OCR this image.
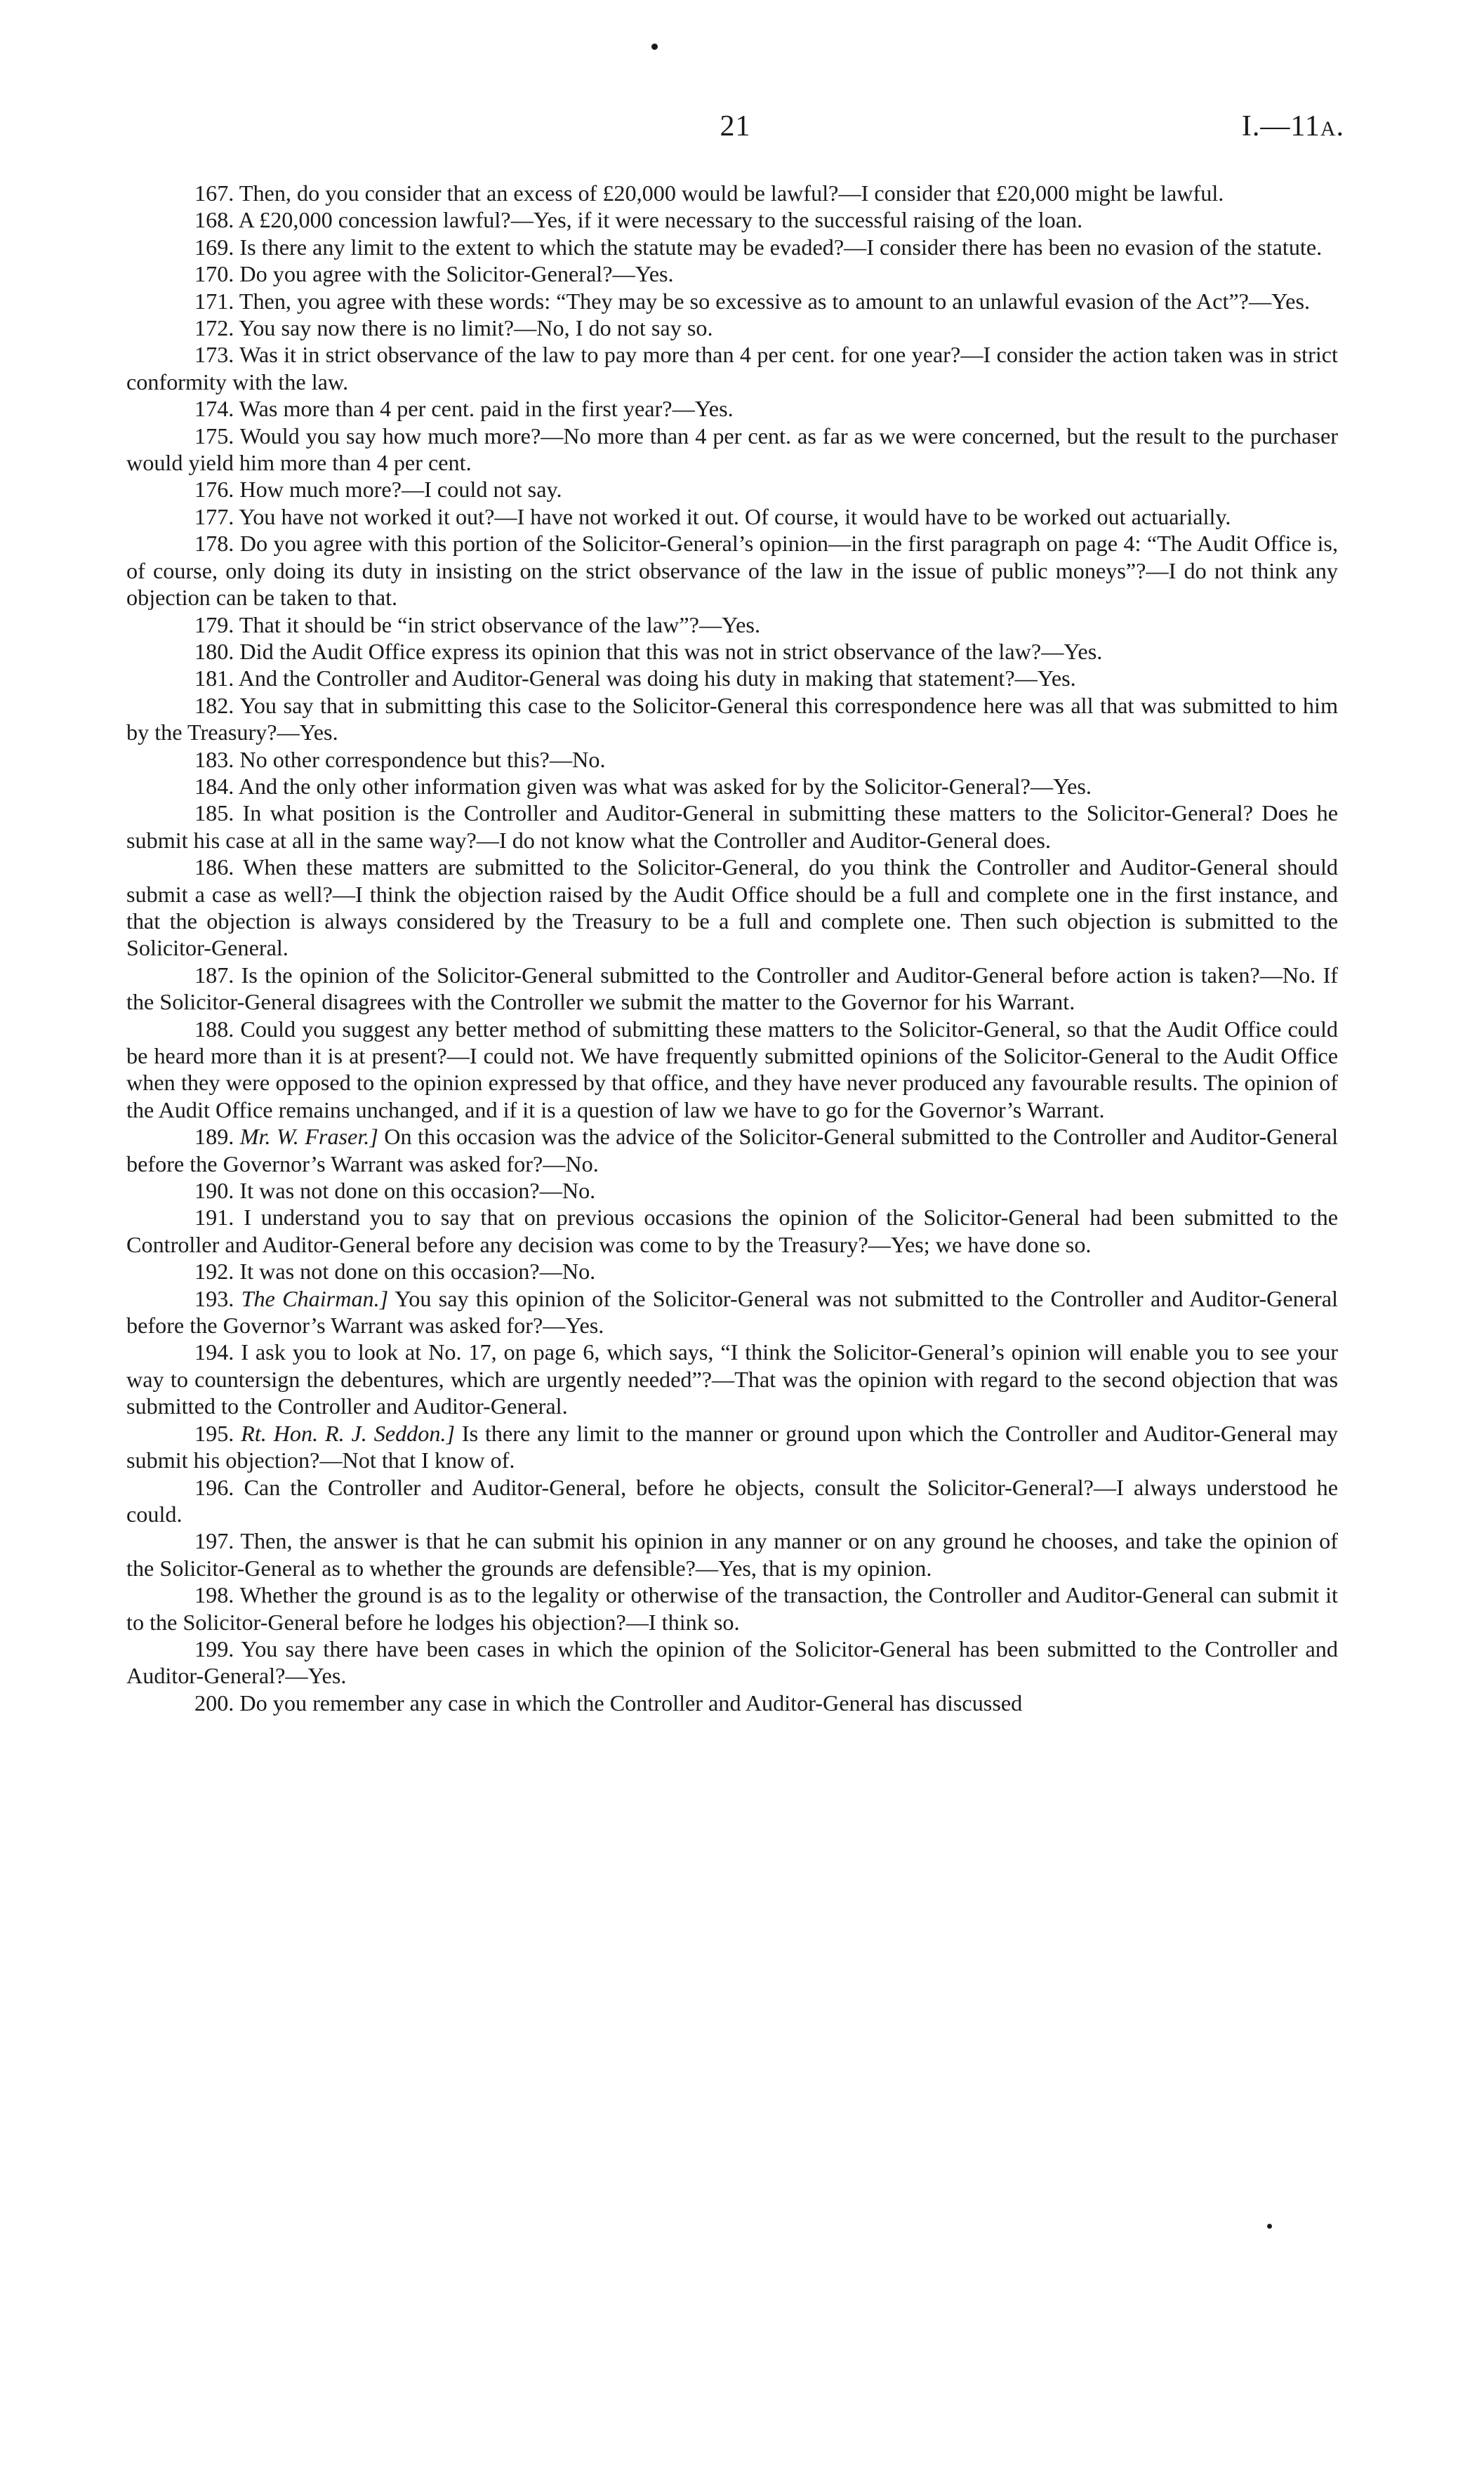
21	I.—11A.

167. Then, do you consider that an excess of £20,000 would be lawful?—I consider that £20,000 might be lawful.

168. A £20,000 concession lawful?—Yes, if it were necessary to the successful raising of the loan.

169. Is there any limit to the extent to which the statute may be evaded?—I consider there has been no evasion of the statute.

170. Do you agree with the Solicitor-General?—Yes.

171. Then, you agree with these words: “They may be so excessive as to amount to an unlawful evasion of the Act”?—Yes.

172. You say now there is no limit?—No, I do not say so.

173. Was it in strict observance of the law to pay more than 4 per cent. for one year?—I consider the action taken was in strict conformity with the law.

174. Was more than 4 per cent. paid in the first year?—Yes.

175. Would you say how much more?—No more than 4 per cent. as far as we were concerned, but the result to the purchaser would yield him more than 4 per cent.

176. How much more?—I could not say.

177. You have not worked it out?—I have not worked it out. Of course, it would have to be worked out actuarially.

178. Do you agree with this portion of the Solicitor-General’s opinion—in the first paragraph on page 4: “The Audit Office is, of course, only doing its duty in insisting on the strict observance of the law in the issue of public moneys”?—I do not think any objection can be taken to that.

179. That it should be “in strict observance of the law”?—Yes.

180. Did the Audit Office express its opinion that this was not in strict observance of the law?—Yes.

181. And the Controller and Auditor-General was doing his duty in making that statement?—Yes.

182. You say that in submitting this case to the Solicitor-General this correspondence here was all that was submitted to him by the Treasury?—Yes.

183. No other correspondence but this?—No.

184. And the only other information given was what was asked for by the Solicitor-General?—Yes.

185. In what position is the Controller and Auditor-General in submitting these matters to the Solicitor-General? Does he submit his case at all in the same way?—I do not know what the Controller and Auditor-General does.

186. When these matters are submitted to the Solicitor-General, do you think the Controller and Auditor-General should submit a case as well?—I think the objection raised by the Audit Office should be a full and complete one in the first instance, and that the objection is always considered by the Treasury to be a full and complete one. Then such objection is submitted to the Solicitor-General.

187. Is the opinion of the Solicitor-General submitted to the Controller and Auditor-General before action is taken?—No. If the Solicitor-General disagrees with the Controller we submit the matter to the Governor for his Warrant.

188. Could you suggest any better method of submitting these matters to the Solicitor-General, so that the Audit Office could be heard more than it is at present?—I could not. We have frequently submitted opinions of the Solicitor-General to the Audit Office when they were opposed to the opinion expressed by that office, and they have never produced any favourable results. The opinion of the Audit Office remains unchanged, and if it is a question of law we have to go for the Governor’s Warrant.

189. Mr. W. Fraser.] On this occasion was the advice of the Solicitor-General submitted to the Controller and Auditor-General before the Governor’s Warrant was asked for?—No.

190. It was not done on this occasion?—No.

191. I understand you to say that on previous occasions the opinion of the Solicitor-General had been submitted to the Controller and Auditor-General before any decision was come to by the Treasury?—Yes; we have done so.

192. It was not done on this occasion?—No.

193. The Chairman.] You say this opinion of the Solicitor-General was not submitted to the Controller and Auditor-General before the Governor’s Warrant was asked for?—Yes.

194. I ask you to look at No. 17, on page 6, which says, “I think the Solicitor-General’s opinion will enable you to see your way to countersign the debentures, which are urgently needed”?—That was the opinion with regard to the second objection that was submitted to the Controller and Auditor-General.

195. Rt. Hon. R. J. Seddon.] Is there any limit to the manner or ground upon which the Controller and Auditor-General may submit his objection?—Not that I know of.

196. Can the Controller and Auditor-General, before he objects, consult the Solicitor-General?—I always understood he could.

197. Then, the answer is that he can submit his opinion in any manner or on any ground he chooses, and take the opinion of the Solicitor-General as to whether the grounds are defensible?—Yes, that is my opinion.

198. Whether the ground is as to the legality or otherwise of the transaction, the Controller and Auditor-General can submit it to the Solicitor-General before he lodges his objection?—I think so.

199. You say there have been cases in which the opinion of the Solicitor-General has been submitted to the Controller and Auditor-General?—Yes.

200. Do you remember any case in which the Controller and Auditor-General has discussed
